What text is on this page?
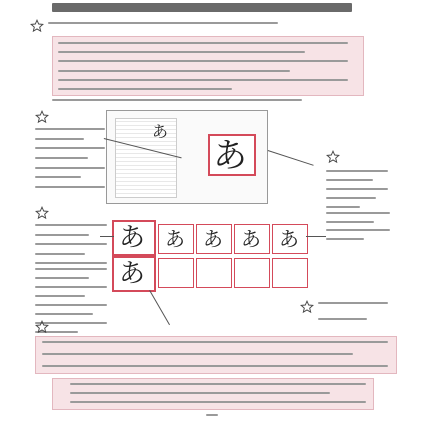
あ
あ
あ
あ
あ あ あ あ
